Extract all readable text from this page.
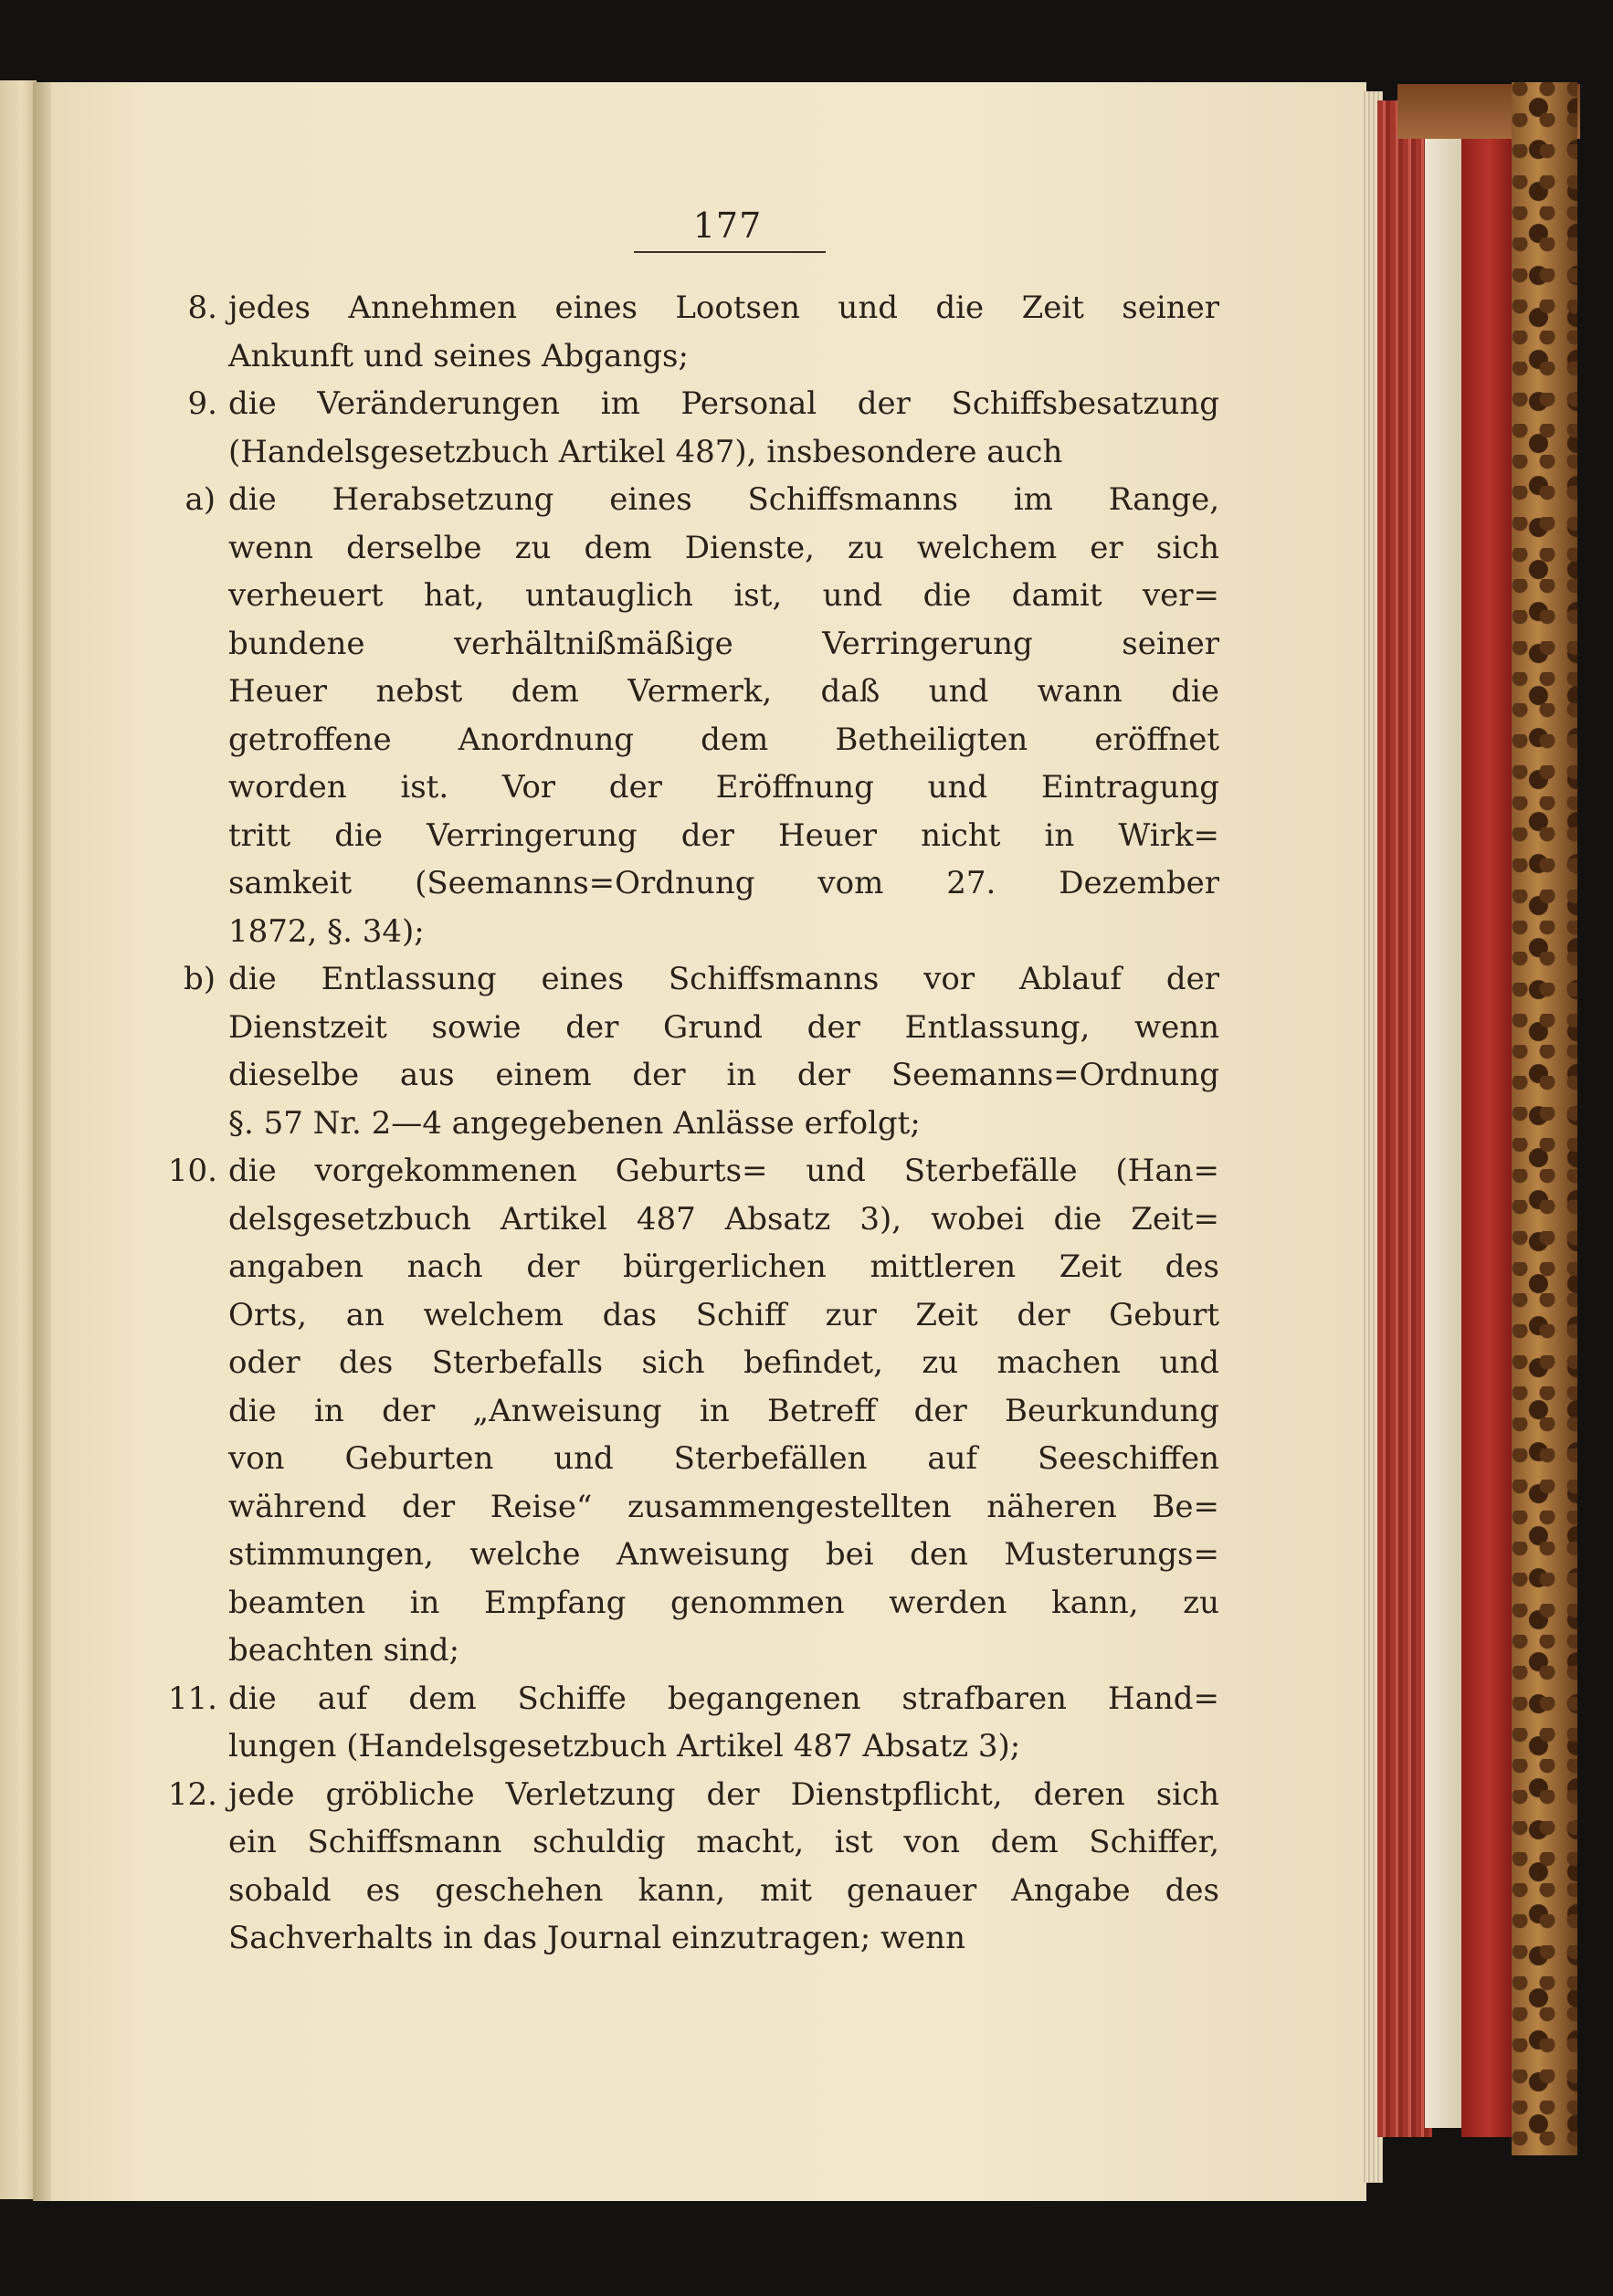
177
8. jedes Annehmen eines Lootsen und die Zeit seiner
Ankunft und seines Abgangs;
9. die Veränderungen im Personal der Schiffsbesatzung
(Handelsgesetzbuch Artikel 487), insbesondere auch
a) die Herabsetzung eines Schiffsmanns im Range,
wenn derselbe zu dem Dienste, zu welchem er sich
verheuert hat, untauglich ist, und die damit ver=
bundene verhältnißmäßige Verringerung seiner
Heuer nebst dem Vermerk, daß und wann die
getroffene Anordnung dem Betheiligten eröffnet
worden ist. Vor der Eröffnung und Eintragung
tritt die Verringerung der Heuer nicht in Wirk=
samkeit (Seemanns=Ordnung vom 27. Dezember
1872, §. 34);
b) die Entlassung eines Schiffsmanns vor Ablauf der
Dienstzeit sowie der Grund der Entlassung, wenn
dieselbe aus einem der in der Seemanns=Ordnung
§. 57 Nr. 2—4 angegebenen Anlässe erfolgt;
10. die vorgekommenen Geburts= und Sterbefälle (Han=
delsgesetzbuch Artikel 487 Absatz 3), wobei die Zeit=
angaben nach der bürgerlichen mittleren Zeit des
Orts, an welchem das Schiff zur Zeit der Geburt
oder des Sterbefalls sich befindet, zu machen und
die in der „Anweisung in Betreff der Beurkundung
von Geburten und Sterbefällen auf Seeschiffen
während der Reise“ zusammengestellten näheren Be=
stimmungen, welche Anweisung bei den Musterungs=
beamten in Empfang genommen werden kann, zu
beachten sind;
11. die auf dem Schiffe begangenen strafbaren Hand=
lungen (Handelsgesetzbuch Artikel 487 Absatz 3);
12. jede gröbliche Verletzung der Dienstpflicht, deren sich
ein Schiffsmann schuldig macht, ist von dem Schiffer,
sobald es geschehen kann, mit genauer Angabe des
Sachverhalts in das Journal einzutragen; wenn
